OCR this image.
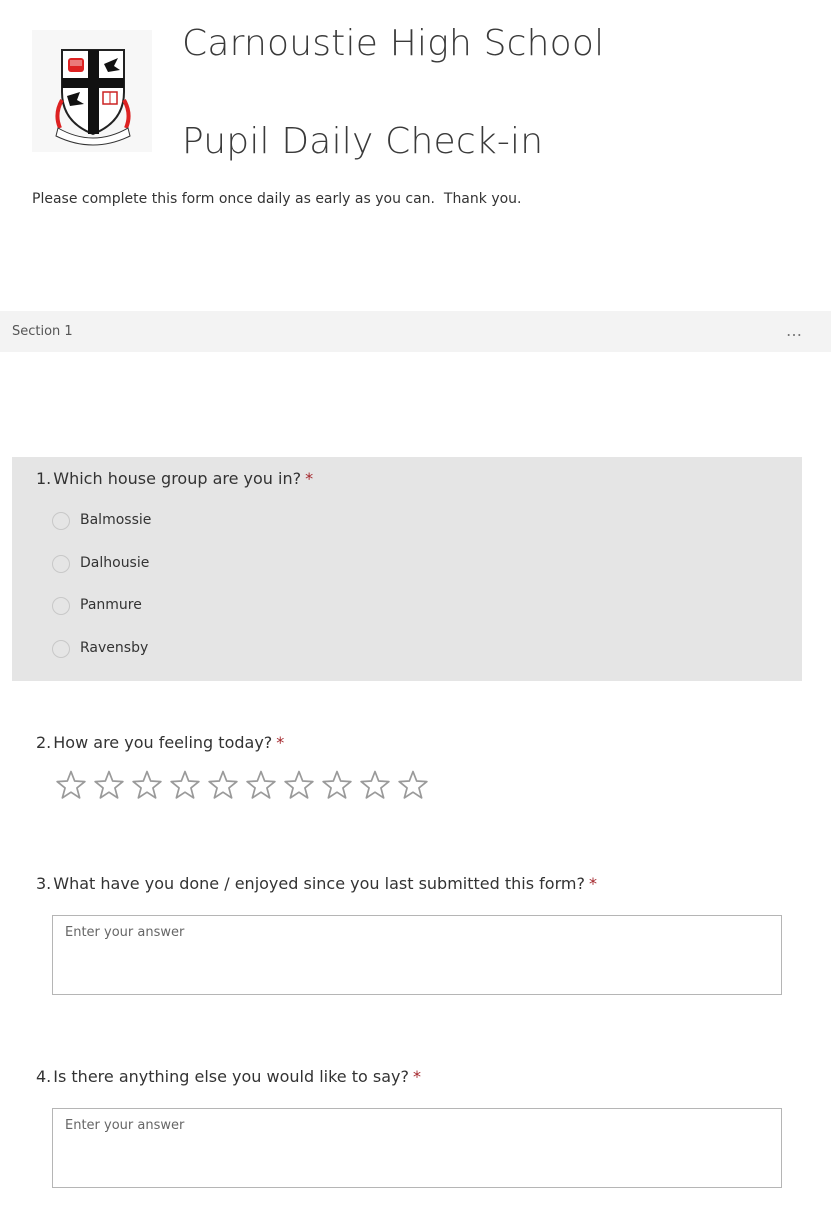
Carnoustie High School
Pupil Daily Check-in
Please complete this form once daily as early as you can.  Thank you.
Section 1	…
1. Which house group are you in? *
Balmossie
Dalhousie
Panmure
Ravensby
2. How are you feeling today? *
3. What have you done / enjoyed since you last submitted this form? *
Enter your answer
4. Is there anything else you would like to say? *
Enter your answer
